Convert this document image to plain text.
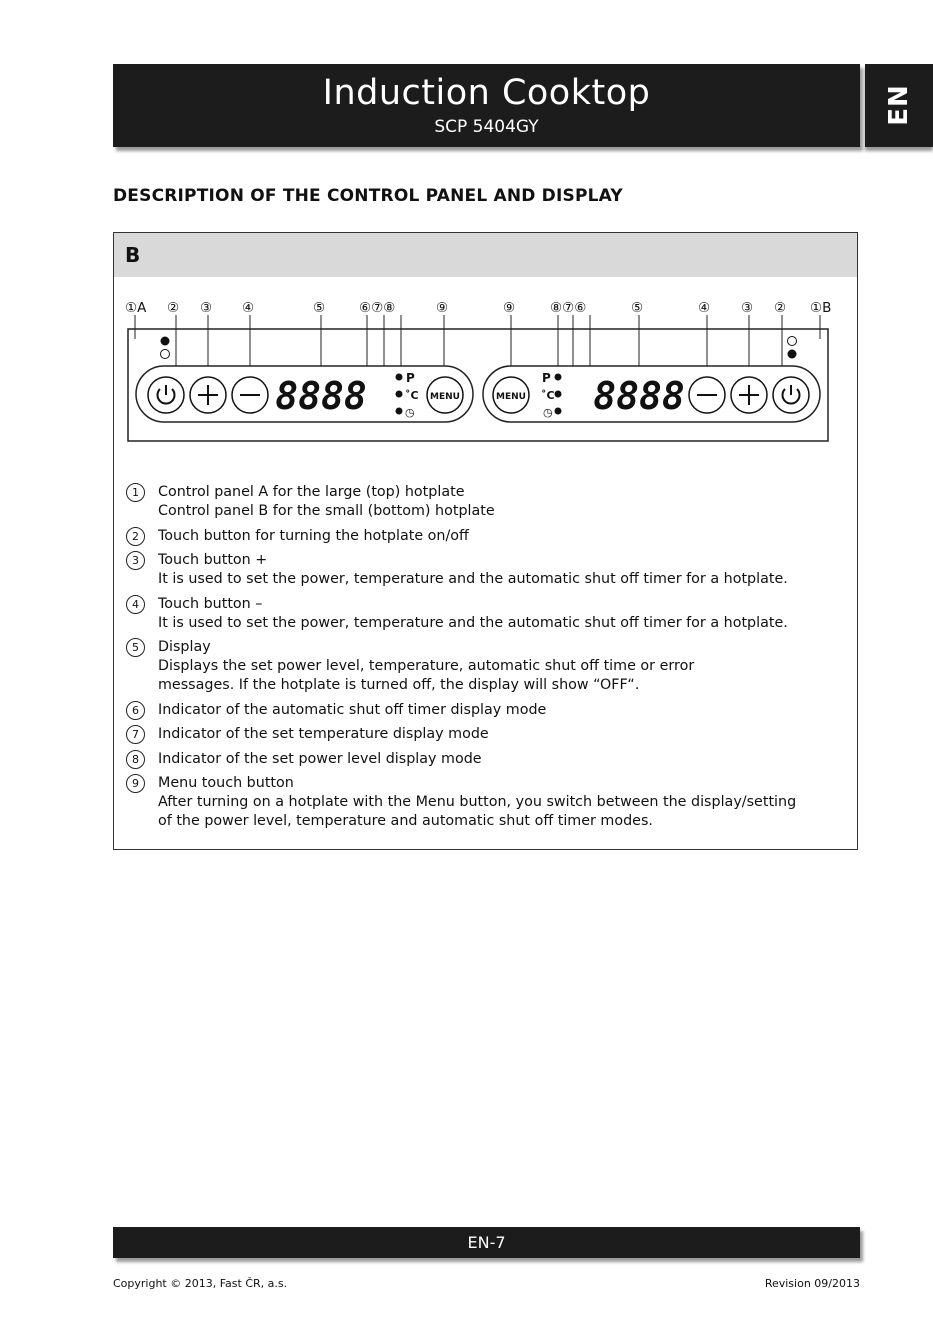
Induction Cooktop
SCP 5404GY
EN
DESCRIPTION OF THE CONTROL PANEL AND DISPLAY
B
①A ② ③ ④	⑤	⑥⑦⑧	⑨	⑨	⑧⑦⑥	⑤	④ ③ ② ①B
8888	P
˚C
◷
MENU	MENU
P
˚C
◷ 8888
1	Control panel A for the large (top) hotplate
Control panel B for the small (bottom) hotplate
2	Touch button for turning the hotplate on/off
3	Touch button +
It is used to set the power, temperature and the automatic shut off timer for a hotplate.
4	Touch button –
It is used to set the power, temperature and the automatic shut off timer for a hotplate.
5	Display
Displays the set power level, temperature, automatic shut off time or error
messages. If the hotplate is turned off, the display will show “OFF“.
6	Indicator of the automatic shut off timer display mode
7	Indicator of the set temperature display mode
8	Indicator of the set power level display mode
9	Menu touch button
After turning on a hotplate with the Menu button, you switch between the display/setting
of the power level, temperature and automatic shut off timer modes.
EN-7
Copyright © 2013, Fast ČR, a.s.	Revision 09/2013
